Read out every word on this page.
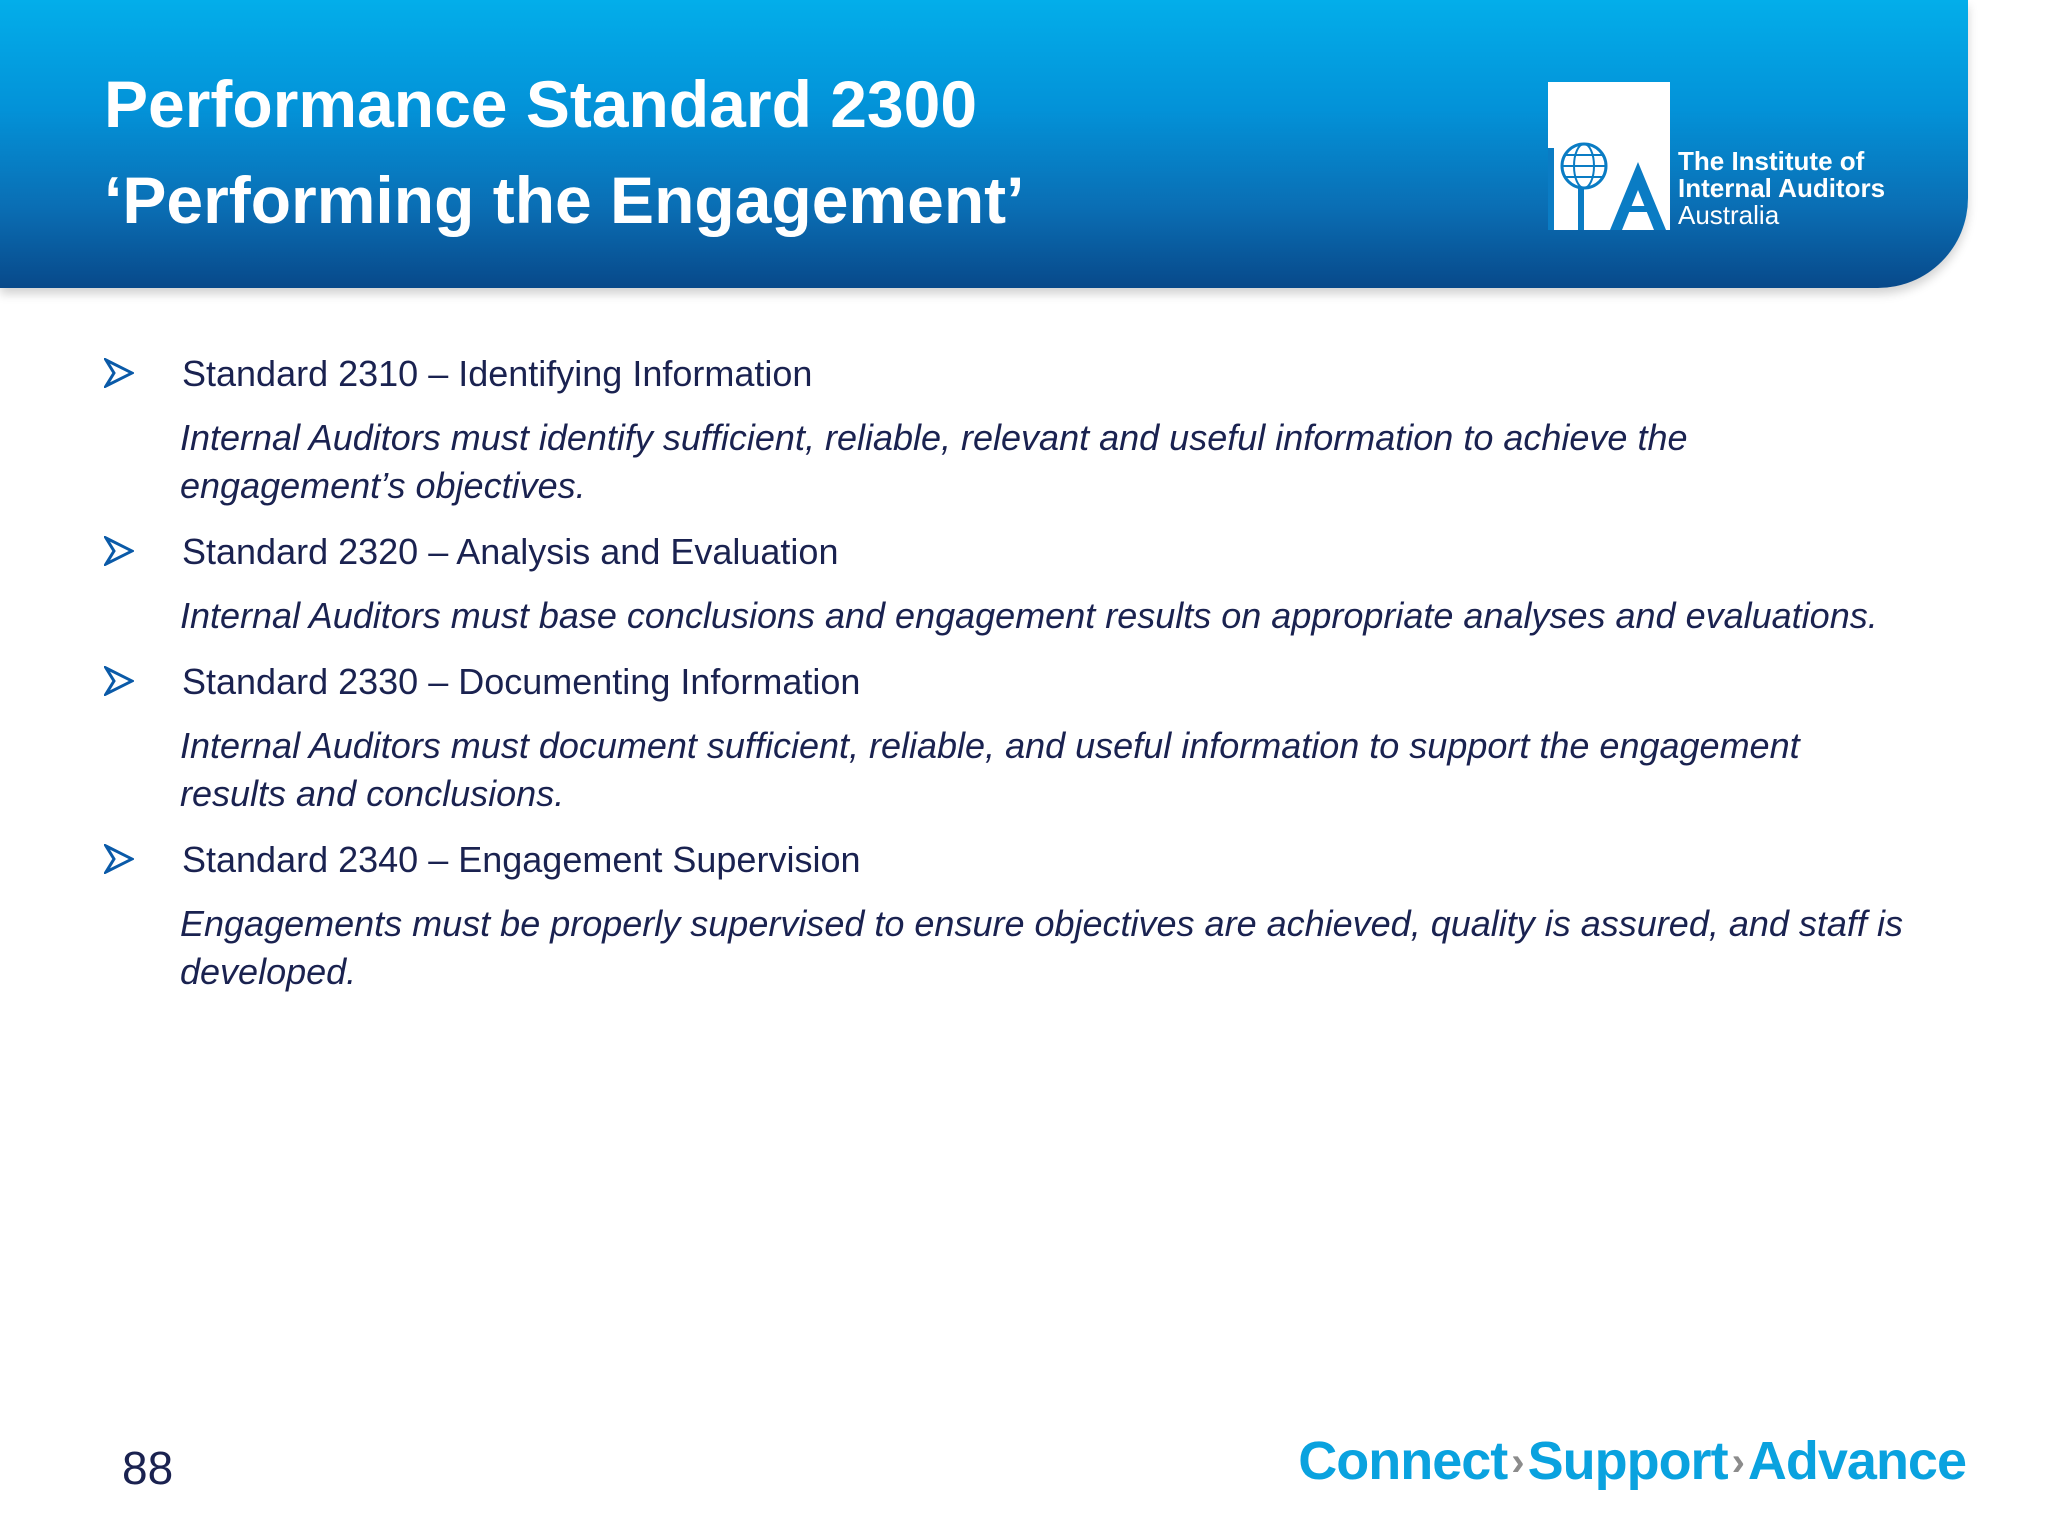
Performance Standard 2300
‘Performing the Engagement’
The Institute of
Internal Auditors
Australia

Standard 2310 – Identifying Information

Internal Auditors must identify sufficient, reliable, relevant and useful information to achieve the

engagement’s objectives.

Standard 2320 – Analysis and Evaluation

Internal Auditors must base conclusions and engagement results on appropriate analyses and evaluations.

Standard 2330 – Documenting Information

Internal Auditors must document sufficient, reliable, and useful information to support the engagement

results and conclusions.

Standard 2340 – Engagement Supervision

Engagements must be properly supervised to ensure objectives are achieved, quality is assured, and staff is

developed.

88	Connect ›Support ›Advance
